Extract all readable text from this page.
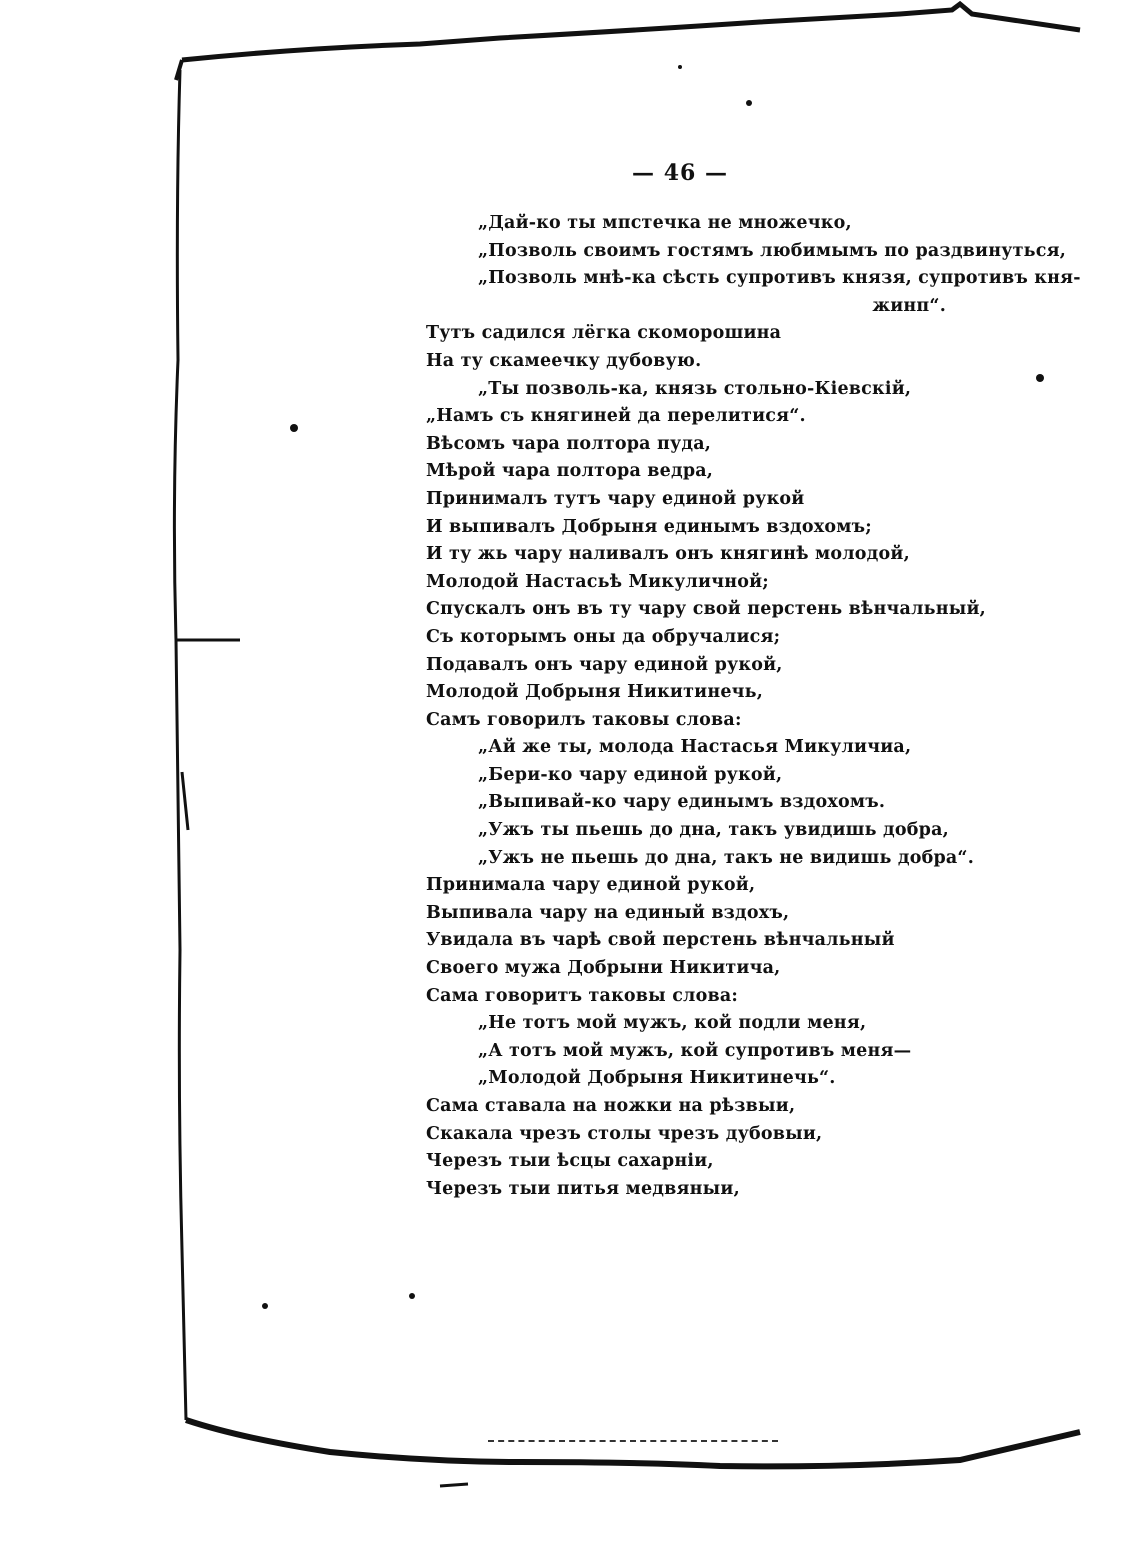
— 46 —
„Дай-ко ты мпстечка не множечко,
„Позволь своимъ гостямъ любимымъ по раздвинуться,
„Позволь мнѣ-ка сѣсть супротивъ князя, супротивъ кня-
жинп“.
Тутъ садился лёгка скоморошина
На ту скамеечку дубовую.
„Ты позволь-ка, князь стольно-Кіевскій,
„Намъ съ княгиней да перелитися“.
Вѣсомъ чара полтора пуда,
Мѣрой чара полтора ведра,
Принималъ тутъ чару единой рукой
И выпивалъ Добрыня единымъ вздохомъ;
И ту жь чару наливалъ онъ княгинѣ молодой,
Молодой Настасьѣ Микуличной;
Спускалъ онъ въ ту чару свой перстень вѣнчальный,
Съ которымъ оны да обручалися;
Подавалъ онъ чару единой рукой,
Молодой Добрыня Никитинечь,
Самъ говорилъ таковы слова:
„Ай же ты, молода Настасья Микуличиа,
„Бери-ко чару единой рукой,
„Выпивай-ко чару единымъ вздохомъ.
„Ужъ ты пьешь до дна, такъ увидишь добра,
„Ужъ не пьешь до дна, такъ не видишь добра“.
Принимала чару единой рукой,
Выпивала чару на единый вздохъ,
Увидала въ чарѣ свой перстень вѣнчальный
Своего мужа Добрыни Никитича,
Сама говоритъ таковы слова:
„Не тотъ мой мужъ, кой подли меня,
„А тотъ мой мужъ, кой супротивъ меня—
„Молодой Добрыня Никитинечь“.
Сама ставала на ножки на рѣзвыи,
Скакала чрезъ столы чрезъ дубовыи,
Черезъ тыи ѣсцы сахарніи,
Черезъ тыи питья медвяныи,
